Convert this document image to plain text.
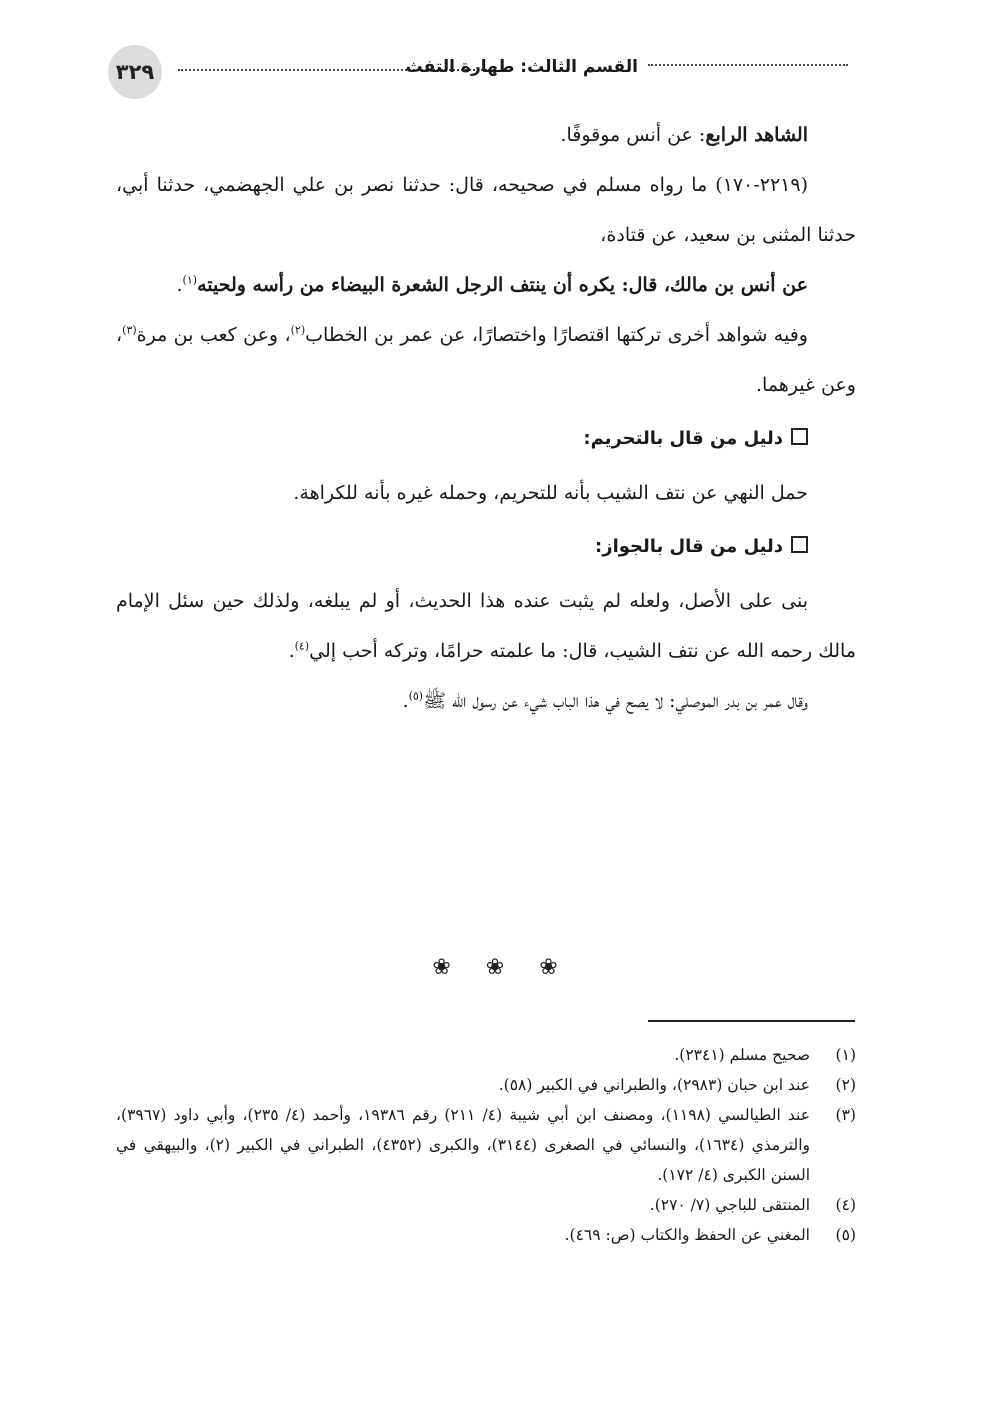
٣٢٩	القسم الثالث: طهارة التفث

الشاهد الرابع: عن أنس موقوفًا.

(٢٢١٩-١٧٠) ما رواه مسلم في صحيحه، قال: حدثنا نصر بن علي الجهضمي، حدثنا أبي، حدثنا المثنى بن سعيد، عن قتادة،

عن أنس بن مالك، قال: يكره أن ينتف الرجل الشعرة البيضاء من رأسه ولحيته$^{(١)}$.

وفيه شواهد أخرى تركتها اقتصارًا واختصارًا، عن عمر بن الخطاب$^{(٢)}$، وعن كعب بن مرة$^{(٣)}$، وعن غيرهما.

دليل من قال بالتحريم:

حمل النهي عن نتف الشيب بأنه للتحريم، وحمله غيره بأنه للكراهة.

دليل من قال بالجواز:

بنى على الأصل، ولعله لم يثبت عنده هذا الحديث، أو لم يبلغه، ولذلك حين سئل الإمام مالك رحمه الله عن نتف الشيب، قال: ما علمته حرامًا، وتركه أحب إلي$^{(٤)}$.

وقال عمر بن بدر الموصلي: لا يصح في هذا الباب شيء عن رسول الله ﷺ$^{(٥)}$.

❀ ❀ ❀
(١)
صحيح مسلم (٢٣٤١).
(٢)
عند ابن حبان (٢٩٨٣)، والطبراني في الكبير (٥٨).
(٣)
عند الطيالسي (١١٩٨)، ومصنف ابن أبي شيبة (٤/ ٢١١) رقم ١٩٣٨٦، وأحمد (٤/ ٢٣٥)، وأبي داود (٣٩٦٧)، والترمذي (١٦٣٤)، والنسائي في الصغرى (٣١٤٤)، والكبرى (٤٣٥٢)، الطبراني في الكبير (٢)، والبيهقي في السنن الكبرى (٤/ ١٧٢).
(٤)
المنتقى للباجي (٧/ ٢٧٠).
(٥)
المغني عن الحفظ والكتاب (ص: ٤٦٩).
